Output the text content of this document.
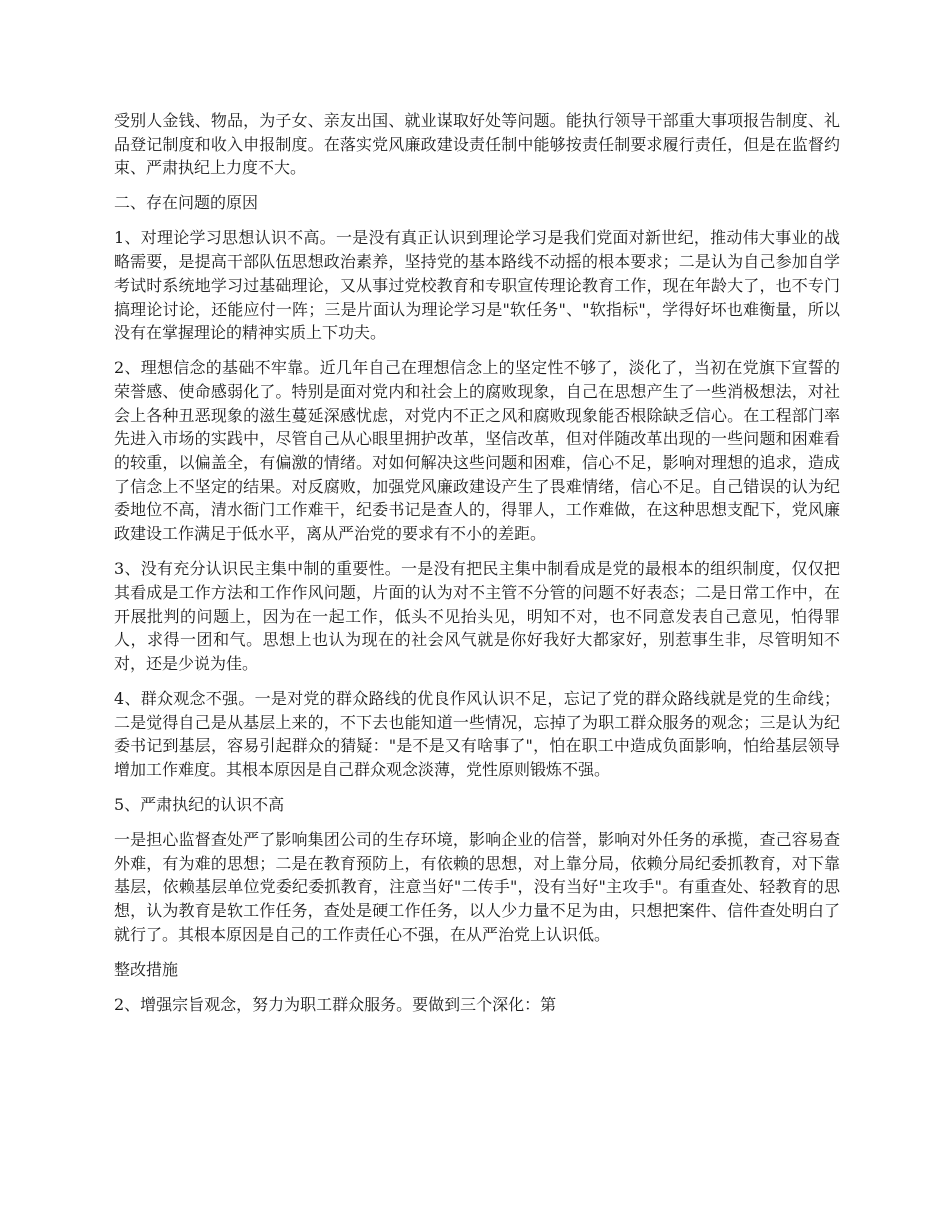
受别人金钱、物品，为子女、亲友出国、就业谋取好处等问题。能执行领导干部重大事项报告制度、礼品登记制度和收入申报制度。在落实党风廉政建设责任制中能够按责任制要求履行责任，但是在监督约束、严肃执纪上力度不大。

二、存在问题的原因

1、对理论学习思想认识不高。一是没有真正认识到理论学习是我们党面对新世纪，推动伟大事业的战略需要，是提高干部队伍思想政治素养，坚持党的基本路线不动摇的根本要求；二是认为自己参加自学考试时系统地学习过基础理论，又从事过党校教育和专职宣传理论教育工作，现在年龄大了，也不专门搞理论讨论，还能应付一阵；三是片面认为理论学习是"软任务"、"软指标"，学得好坏也难衡量，所以没有在掌握理论的精神实质上下功夫。

2、理想信念的基础不牢靠。近几年自己在理想信念上的坚定性不够了，淡化了，当初在党旗下宣誓的荣誉感、使命感弱化了。特别是面对党内和社会上的腐败现象，自己在思想产生了一些消极想法，对社会上各种丑恶现象的滋生蔓延深感忧虑，对党内不正之风和腐败现象能否根除缺乏信心。在工程部门率先进入市场的实践中，尽管自己从心眼里拥护改革，坚信改革，但对伴随改革出现的一些问题和困难看的较重，以偏盖全，有偏激的情绪。对如何解决这些问题和困难，信心不足，影响对理想的追求，造成了信念上不坚定的结果。对反腐败，加强党风廉政建设产生了畏难情绪，信心不足。自己错误的认为纪委地位不高，清水衙门工作难干，纪委书记是查人的，得罪人，工作难做，在这种思想支配下，党风廉政建设工作满足于低水平，离从严治党的要求有不小的差距。

3、没有充分认识民主集中制的重要性。一是没有把民主集中制看成是党的最根本的组织制度，仅仅把其看成是工作方法和工作作风问题，片面的认为对不主管不分管的问题不好表态；二是日常工作中，在开展批判的问题上，因为在一起工作，低头不见抬头见，明知不对，也不同意发表自己意见，怕得罪人，求得一团和气。思想上也认为现在的社会风气就是你好我好大都家好，别惹事生非，尽管明知不对，还是少说为佳。

4、群众观念不强。一是对党的群众路线的优良作风认识不足，忘记了党的群众路线就是党的生命线；二是觉得自己是从基层上来的，不下去也能知道一些情况，忘掉了为职工群众服务的观念；三是认为纪委书记到基层，容易引起群众的猜疑："是不是又有啥事了"，怕在职工中造成负面影响，怕给基层领导增加工作难度。其根本原因是自己群众观念淡薄，党性原则锻炼不强。

5、严肃执纪的认识不高

一是担心监督查处严了影响集团公司的生存环境，影响企业的信誉，影响对外任务的承揽，查己容易查外难，有为难的思想；二是在教育预防上，有依赖的思想，对上靠分局，依赖分局纪委抓教育，对下靠基层，依赖基层单位党委纪委抓教育，注意当好"二传手"，没有当好"主攻手"。有重查处、轻教育的思想，认为教育是软工作任务，查处是硬工作任务，以人少力量不足为由，只想把案件、信件查处明白了就行了。其根本原因是自己的工作责任心不强，在从严治党上认识低。

整改措施

2、增强宗旨观念，努力为职工群众服务。要做到三个深化：第
